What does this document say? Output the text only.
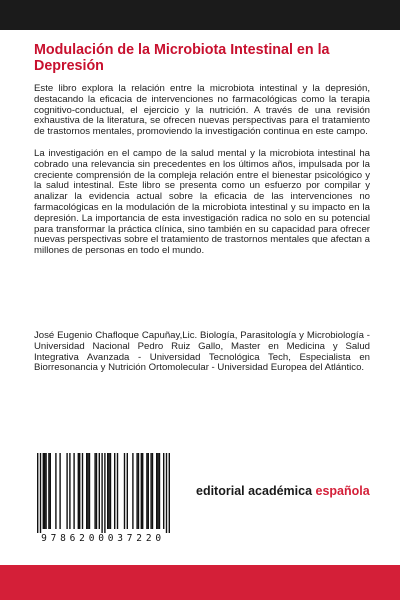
Modulación de la Microbiota Intestinal en la Depresión

Este libro explora la relación entre la microbiota intestinal y la depresión, destacando la eficacia de intervenciones no farmacológicas como la terapia cognitivo-conductual, el ejercicio y la nutrición. A través de una revisión exhaustiva de la literatura, se ofrecen nuevas perspectivas para el tratamiento de trastornos mentales, promoviendo la investigación continua en este campo.

La investigación en el campo de la salud mental y la microbiota intestinal ha cobrado una relevancia sin precedentes en los últimos años, impulsada por la creciente comprensión de la compleja relación entre el bienestar psicológico y la salud intestinal. Este libro se presenta como un esfuerzo por compilar y analizar la evidencia actual sobre la eficacia de las intervenciones no farmacológicas en la modulación de la microbiota intestinal y su impacto en la depresión. La importancia de esta investigación radica no solo en su potencial para transformar la práctica clínica, sino también en su capacidad para ofrecer nuevas perspectivas sobre el tratamiento de trastornos mentales que afectan a millones de personas en todo el mundo.

José Eugenio Chafloque Capuñay,Lic. Biología, Parasitología y Microbiología - Universidad Nacional Pedro Ruiz Gallo, Master en Medicina y Salud Integrativa Avanzada - Universidad Tecnológica Tech, Especialista en Biorresonancia y Nutrición Ortomolecular - Universidad Europea del Atlántico.

9786200037220

editorial académica española
